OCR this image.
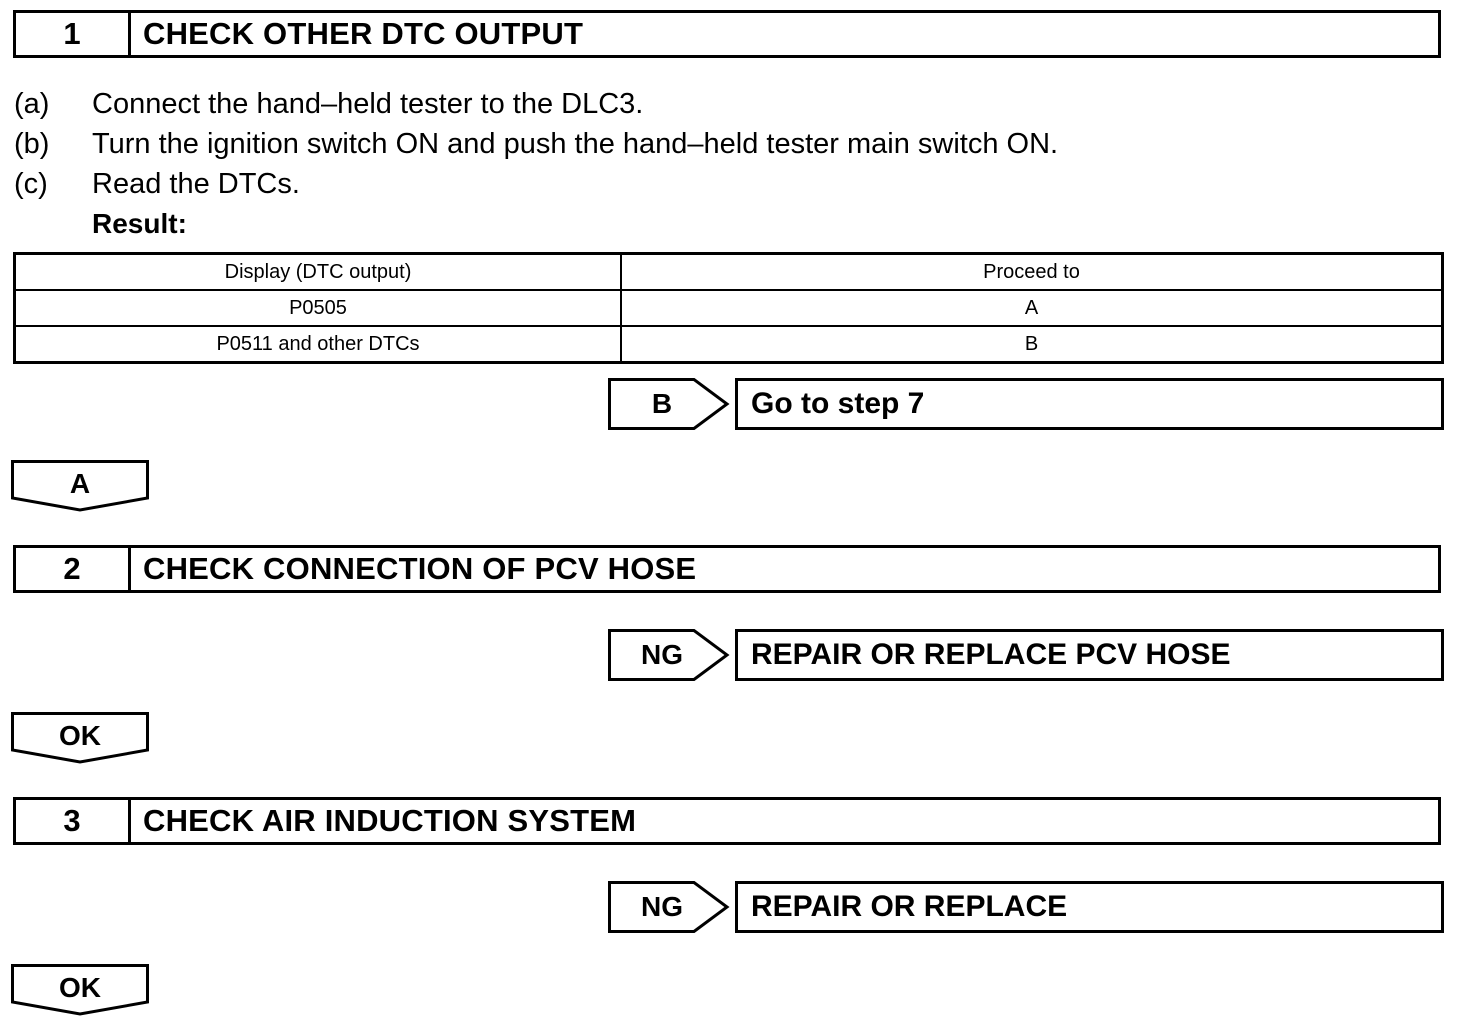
1	CHECK OTHER DTC OUTPUT
(a) Connect the hand–held tester to the DLC3.
(b) Turn the ignition switch ON and push the hand–held tester main switch ON.
(c) Read the DTCs.
Result:
Display (DTC output)	Proceed to
P0505	A
P0511 and other DTCs	B
B	Go to step 7
A
2	CHECK CONNECTION OF PCV HOSE
NG	REPAIR OR REPLACE PCV HOSE
OK
3	CHECK AIR INDUCTION SYSTEM
NG	REPAIR OR REPLACE
OK
